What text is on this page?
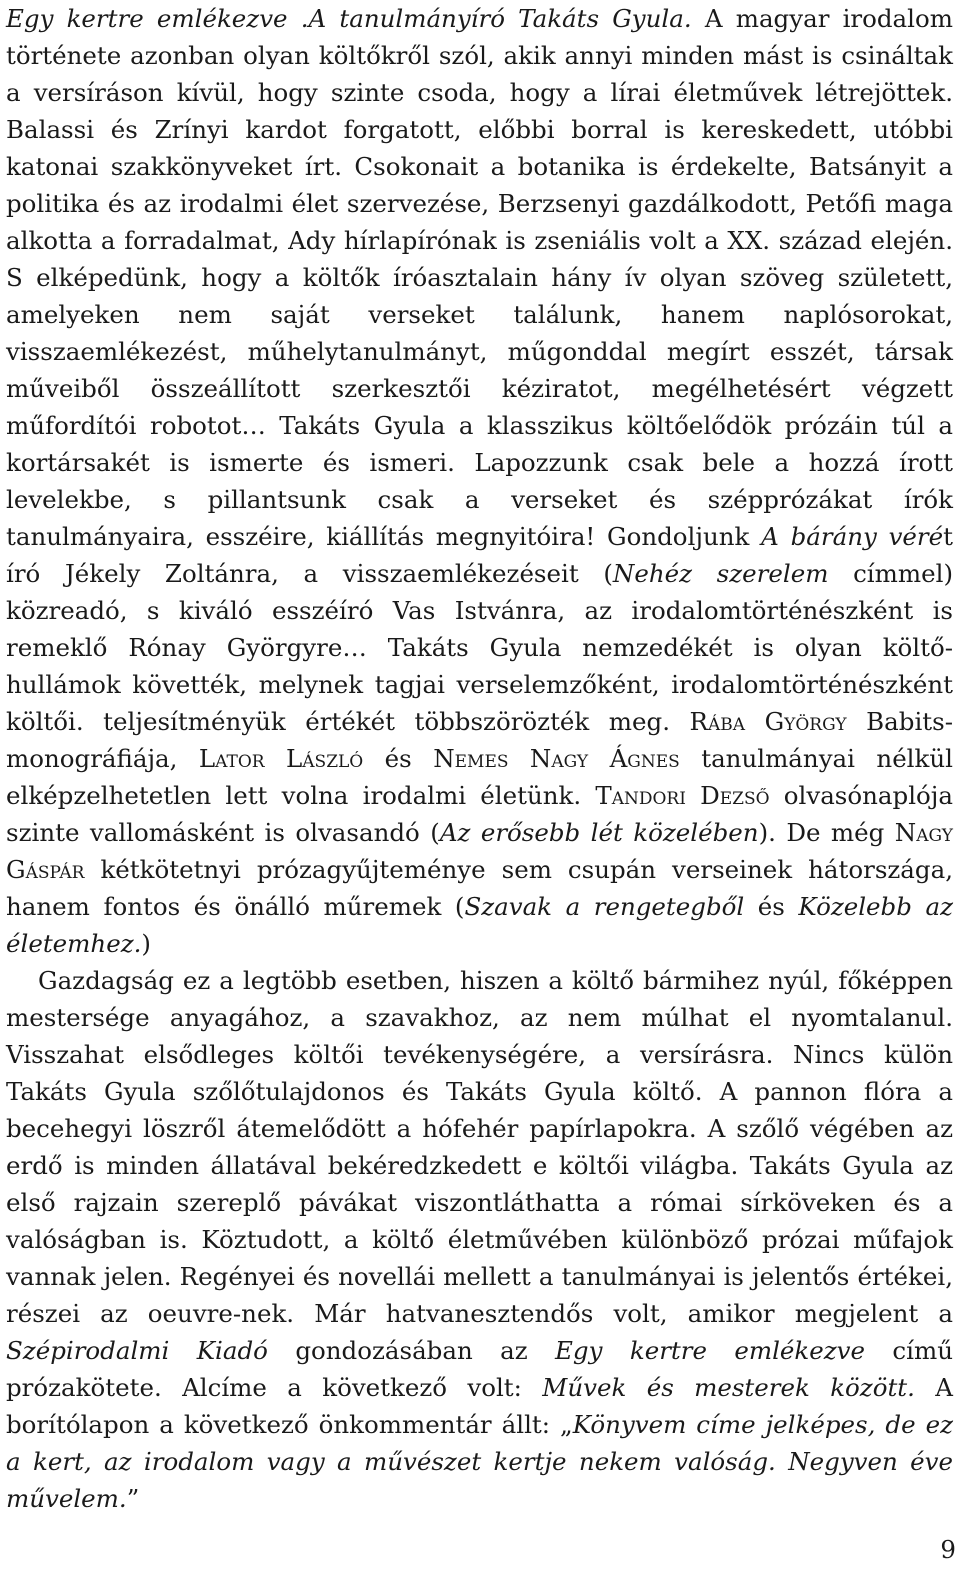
Egy kertre emlékezve .A tanulmányíró Takáts Gyula. A magyar irodalom története azonban olyan költőkről szól, akik annyi minden mást is csináltak a versíráson kívül, hogy szinte csoda, hogy a lírai életművek létrejöttek. Balassi és Zrínyi kardot forgatott, előbbi borral is kereskedett, utóbbi katonai szakkönyveket írt. Csokonait a botanika is érdekelte, Batsányit a politika és az irodalmi élet szervezése, Berzsenyi gazdálkodott, Petőfi maga alkotta a forradalmat, Ady hírlapírónak is zseniális volt a XX. század elején. S elképedünk, hogy a költők íróasztalain hány ív olyan szöveg született, amelyeken nem saját verseket találunk, hanem naplósorokat, visszaemlékezést, műhelytanulmányt, műgonddal megírt esszét, társak műveiből összeállított szerkesztői kéziratot, megélhetésért végzett műfordítói robotot… Takáts Gyula a klasszikus költőelődök prózáin túl a kortársakét is ismerte és ismeri. Lapozzunk csak bele a hozzá írott levelekbe, s pillantsunk csak a verseket és szépprózákat írók tanulmányaira, esszéire, kiállítás megnyitóira! Gondoljunk A bárány vérét író Jékely Zoltánra, a visszaemlékezéseit (Nehéz szerelem címmel) közreadó, s kiváló esszéíró Vas Istvánra, az irodalomtörténészként is remeklő Rónay Györgyre… Takáts Gyula nemzedékét is olyan költő-hullámok követték, melynek tagjai verselemzőként, irodalomtörténészként költői. teljesítményük értékét többszörözték meg. Rába György Babits-monográfiája, Lator László és Nemes Nagy Ágnes tanulmányai nélkül elképzelhetetlen lett volna irodalmi életünk. Tandori Dezső olvasónaplója szinte vallomásként is olvasandó (Az erősebb lét közelében). De még Nagy Gáspár kétkötetnyi prózagyűjteménye sem csupán verseinek hátországa, hanem fontos és önálló műremek (Szavak a rengetegből és Közelebb az életemhez.)

Gazdagság ez a legtöbb esetben, hiszen a költő bármihez nyúl, főképpen mestersége anyagához, a szavakhoz, az nem múlhat el nyomtalanul. Visszahat elsődleges költői tevékenységére, a versírásra. Nincs külön Takáts Gyula szőlőtulajdonos és Takáts Gyula költő. A pannon flóra a becehegyi löszről átemelődött a hófehér papírlapokra. A szőlő végében az erdő is minden állatával bekéredzkedett e költői világba. Takáts Gyula az első rajzain szereplő pávákat viszontláthatta a római sírköveken és a valóságban is. Köztudott, a költő életművében különböző prózai műfajok vannak jelen. Regényei és novellái mellett a tanulmányai is jelentős értékei, részei az oeuvre-nek. Már hatvanesztendős volt, amikor megjelent a Szépirodalmi Kiadó gondozásában az Egy kertre emlékezve című prózakötete. Alcíme a következő volt: Művek és mesterek között. A borítólapon a következő önkommentár állt: „Könyvem címe jelképes, de ez a kert, az irodalom vagy a művészet kertje nekem valóság. Negyven éve művelem.”

9
